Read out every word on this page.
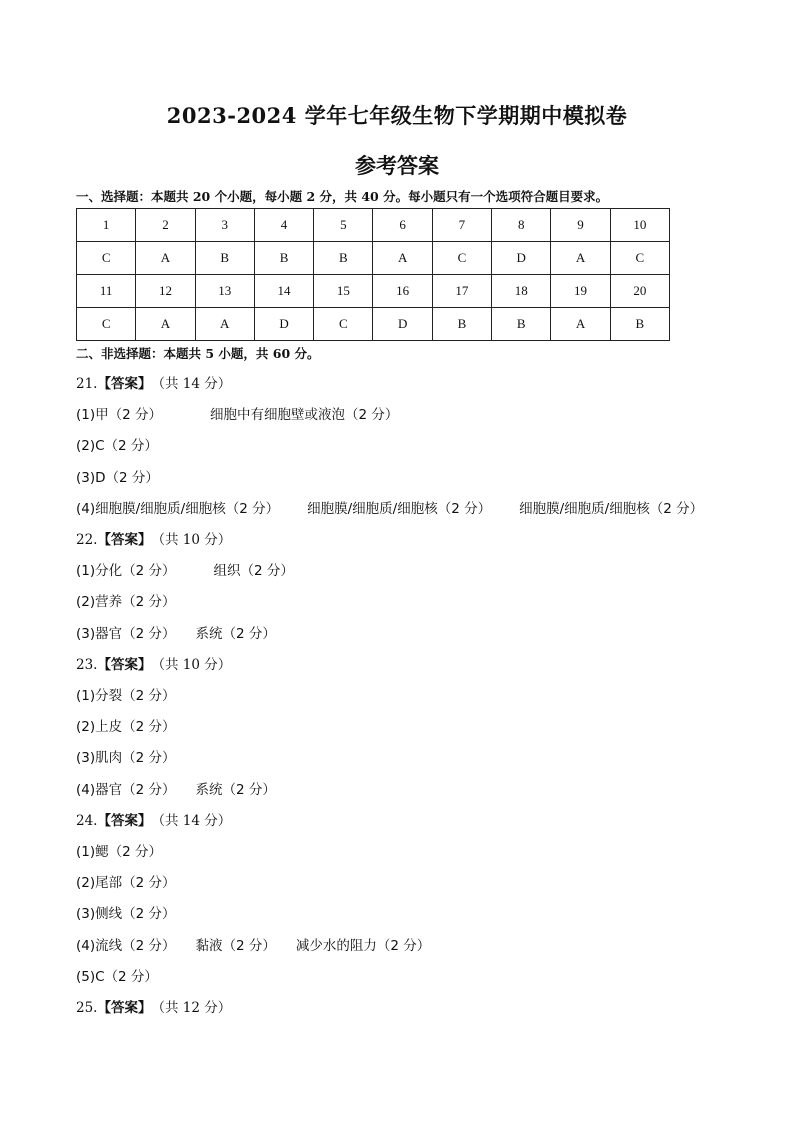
2023-2024 学年七年级生物下学期期中模拟卷
参考答案
一、选择题：本题共 20 个小题，每小题 2 分，共 40 分。每小题只有一个选项符合题目要求。
1	2	3	4	5	6	7	8	9	10
C	A	B	B	B	A	C	D	A	C
11	12	13	14	15	16	17	18	19	20
C	A	A	D	C	D	B	B	A	B
二、非选择题：本题共 5 小题，共 60 分。
21.【答案】（共 14 分）
(1)甲（2 分）	细胞中有细胞壁或液泡（2 分）
(2)C（2 分）
(3)D（2 分）
(4)细胞膜/细胞质/细胞核（2 分） 细胞膜/细胞质/细胞核（2 分） 细胞膜/细胞质/细胞核（2 分）
22.【答案】（共 10 分）
(1)分化（2 分）	组织（2 分）
(2)营养（2 分）
(3)器官（2 分） 系统（2 分）
23.【答案】（共 10 分）
(1)分裂（2 分）
(2)上皮（2 分）
(3)肌肉（2 分）
(4)器官（2 分） 系统（2 分）
24.【答案】（共 14 分）
(1)鳃（2 分）
(2)尾部（2 分）
(3)侧线（2 分）
(4)流线（2 分） 黏液（2 分） 减少水的阻力（2 分）
(5)C（2 分）
25.【答案】（共 12 分）
